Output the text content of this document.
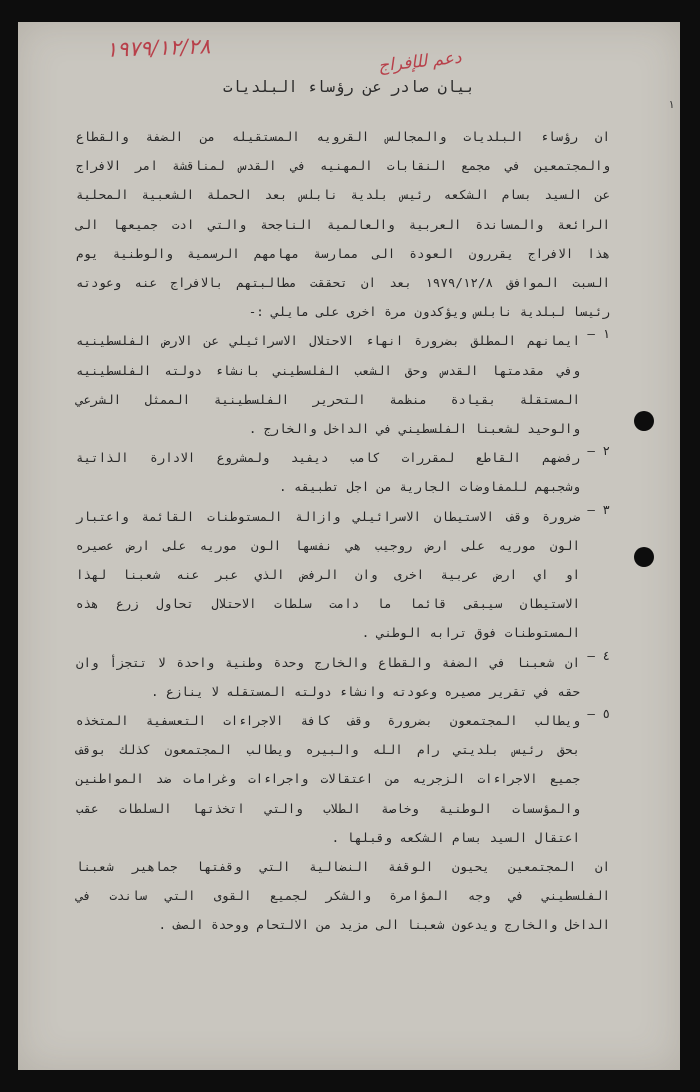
١٩٧٩/١٢/٢٨	دعم للإفراج
١
بيان صادر عن رؤساء البلديات

ان رؤساء البلديات والمجالس القرويه المستقيله من الضفة والقطاع

والمجتمعين في مجمع النقابات المهنيه في القدس لمناقشة امر الافراج

عن السيد بسام الشكعه رئيس بلدية نابلس بعد الحملة الشعبية المحلية

الرائعة والمساندة العربية والعالمية الناجحة والتي ادت جميعها الى

هذا الافراج يقررون العودة الى ممارسة مهامهم الرسمية والوطنية يوم

السبت الموافق ١٩٧٩/١٢/٨ بعد ان تحققت مطالبتهم بالافراج عنه وعودته

رئيسا لبلدية نابلس ويؤكدون مرة اخرى على مايلي :-

١ –

ايمانهم المطلق بضرورة انهاء الاحتلال الاسرائيلي عن الارض الفلسطينيه

وفي مقدمتها القدس وحق الشعب الفلسطيني بانشاء دولته الفلسطينيه

المستقلة بقيادة منظمة التحرير الفلسطينية الممثل الشرعي

والوحيد لشعبنا الفلسطيني في الداخل والخارج .

٢ –

رفضهم القاطع لمقررات كامب ديفيد ولمشروع الادارة الذاتية

وشجبهم للمفاوضات الجارية من اجل تطبيقه .

٣ –

ضرورة وقف الاستيطان الاسرائيلي وازالة المستوطنات القائمة واعتبار

الون موريه على ارض روجيب هي نفسها الون موريه على ارض عصيره

او اي ارض عربية اخرى وان الرفض الذي عبر عنه شعبنا لهذا

الاستيطان سيبقى قائما ما دامت سلطات الاحتلال تحاول زرع هذه

المستوطنات فوق ترابه الوطني .

٤ –

ان شعبنا في الضفة والقطاع والخارج وحدة وطنية واحدة لا تتجزأ وان

حقه في تقرير مصيره وعودته وانشاء دولته المستقله لا ينازع .

٥ –

ويطالب المجتمعون بضرورة وقف كافة الاجراءات التعسفية المتخذه

بحق رئيس بلديتي رام الله والبيره ويطالب المجتمعون كذلك بوقف

جميع الاجراءات الزجريه من اعتقالات واجراءات وغرامات ضد المواطنين

والمؤسسات الوطنية وخاصة الطلاب والتي اتخذتها السلطات عقب

اعتقال السيد بسام الشكعه وقبلها .

ان المجتمعين يحيون الوقفة النضالية التي وقفتها جماهير شعبنا

الفلسطيني في وجه المؤامرة والشكر لجميع القوى التي ساندت في

الداخل والخارج ويدعون شعبنا الى مزيد من الالتحام ووحدة الصف .
